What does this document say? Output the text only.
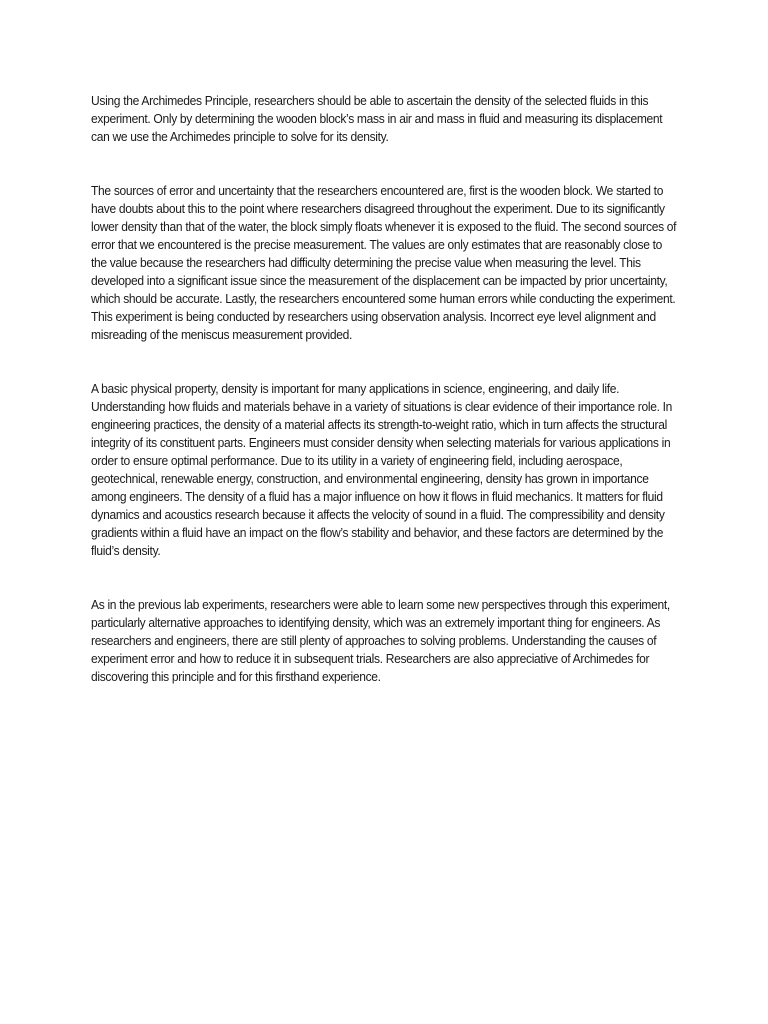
Using the Archimedes Principle, researchers should be able to ascertain the density of the selected fluids in this experiment. Only by determining the wooden block’s mass in air and mass in fluid and measuring its displacement can we use the Archimedes principle to solve for its density.

The sources of error and uncertainty that the researchers encountered are, first is the wooden block. We started to have doubts about this to the point where researchers disagreed throughout the experiment. Due to its significantly lower density than that of the water, the block simply floats whenever it is exposed to the fluid. The second sources of error that we encountered is the precise measurement. The values are only estimates that are reasonably close to the value because the researchers had difficulty determining the precise value when measuring the level. This developed into a significant issue since the measurement of the displacement can be impacted by prior uncertainty, which should be accurate. Lastly, the researchers encountered some human errors while conducting the experiment. This experiment is being conducted by researchers using observation analysis. Incorrect eye level alignment and misreading of the meniscus measurement provided.

A basic physical property, density is important for many applications in science, engineering, and daily life. Understanding how fluids and materials behave in a variety of situations is clear evidence of their importance role. In engineering practices, the density of a material affects its strength-to-weight ratio, which in turn affects the structural integrity of its constituent parts. Engineers must consider density when selecting materials for various applications in order to ensure optimal performance. Due to its utility in a variety of engineering field, including aerospace, geotechnical, renewable energy, construction, and environmental engineering, density has grown in importance among engineers. The density of a fluid has a major influence on how it flows in fluid mechanics. It matters for fluid dynamics and acoustics research because it affects the velocity of sound in a fluid. The compressibility and density gradients within a fluid have an impact on the flow’s stability and behavior, and these factors are determined by the fluid’s density.

As in the previous lab experiments, researchers were able to learn some new perspectives through this experiment, particularly alternative approaches to identifying density, which was an extremely important thing for engineers. As researchers and engineers, there are still plenty of approaches to solving problems. Understanding the causes of experiment error and how to reduce it in subsequent trials. Researchers are also appreciative of Archimedes for discovering this principle and for this firsthand experience.
